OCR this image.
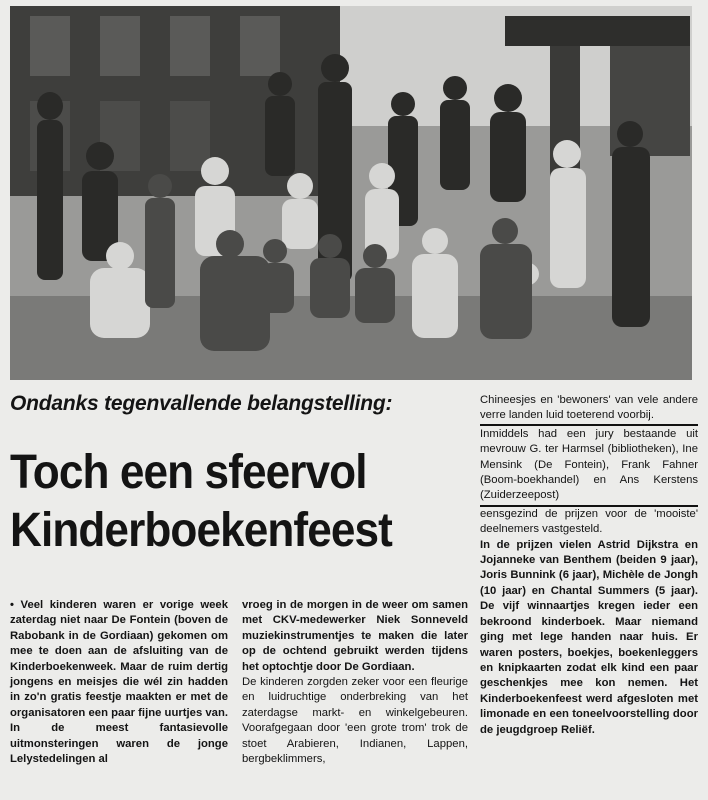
Ondanks tegenvallende belangstelling:
Toch een sfeervol
Kinderboekenfeest

• Veel kinderen waren er vorige week zaterdag niet naar De Fontein (boven de Rabobank in de Gordiaan) gekomen om mee te doen aan de afsluiting van de Kinderboekenweek. Maar de ruim dertig jongens en meisjes die wél zin hadden in zo'n gratis feestje maakten er met de organisatoren een paar fijne uurtjes van. In de meest fantasievolle uitmonsteringen waren de jonge Lelystedelingen al

vroeg in de morgen in de weer om samen met CKV-medewerker Niek Sonneveld muziekinstrumentjes te maken die later op de ochtend gebruikt werden tijdens het optochtje door De Gordiaan.

De kinderen zorgden zeker voor een fleurige en luidruchtige onderbreking van het zaterdagse markt- en winkelgebeuren. Voorafgegaan door 'een grote trom' trok de stoet Arabieren, Indianen, Lappen, bergbeklimmers,

Chineesjes en 'bewoners' van vele andere verre landen luid toeterend voorbij.

Inmiddels had een jury bestaande uit mevrouw G. ter Harmsel (bibliotheken), Ine Mensink (De Fontein), Frank Fahner (Boom-boekhandel) en Ans Kerstens (Zuiderzeepost)

eensgezind de prijzen voor de 'mooiste' deelnemers vastgesteld.

In de prijzen vielen Astrid Dijkstra en Jojanneke van Benthem (beiden 9 jaar), Joris Bunnink (6 jaar), Michèle de Jongh (10 jaar) en Chantal Summers (5 jaar). De vijf winnaartjes kregen ieder een bekroond kinderboek. Maar niemand ging met lege handen naar huis. Er waren posters, boekjes, boekenleggers en knipkaarten zodat elk kind een paar geschenkjes mee kon nemen. Het Kinderboekenfeest werd afgesloten met limonade en een toneelvoorstelling door de jeugdgroep Reliëf.
